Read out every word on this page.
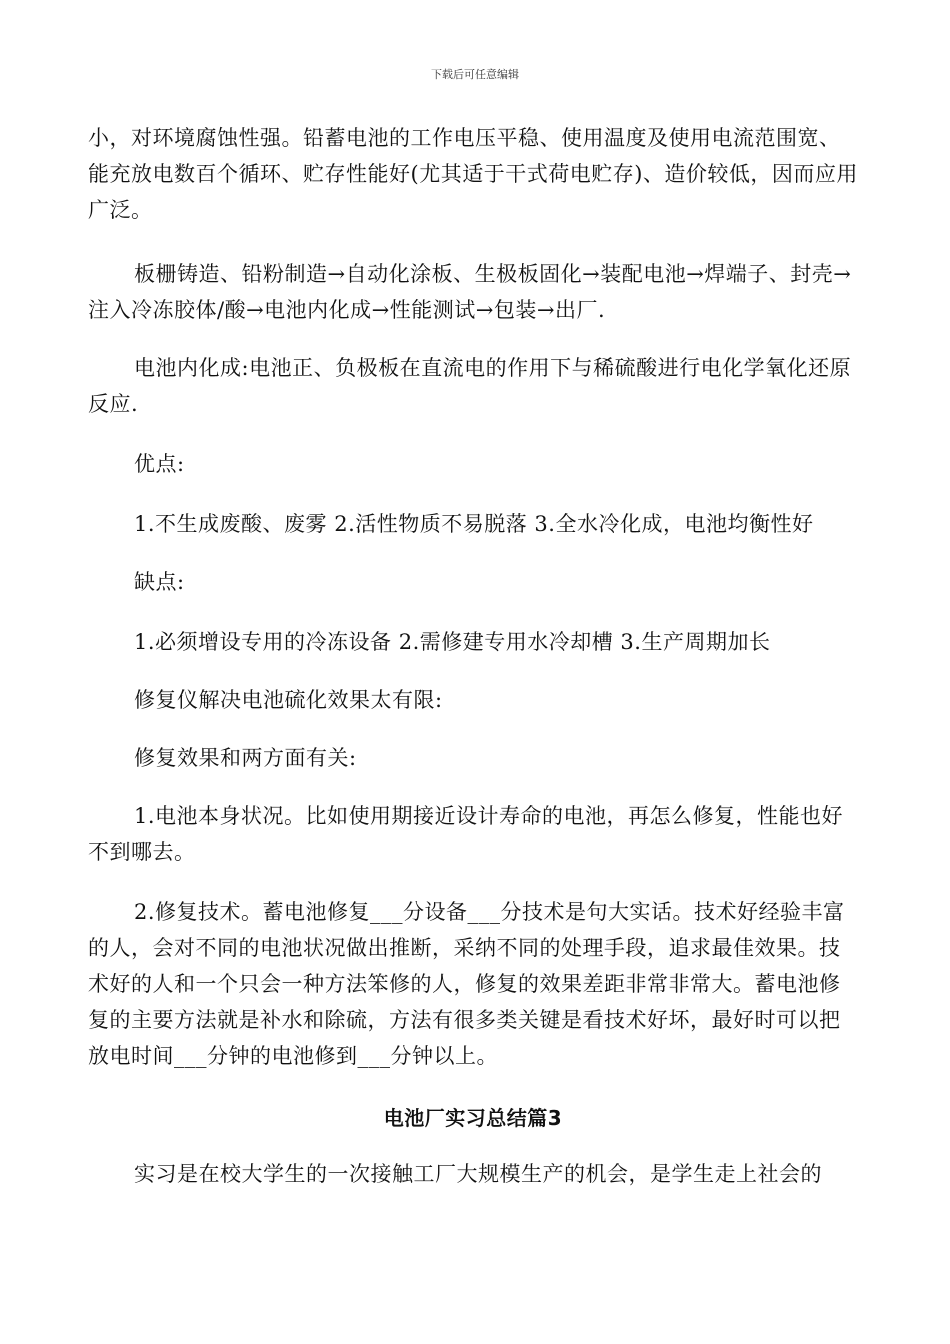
下载后可任意编辑

小，对环境腐蚀性强。铅蓄电池的工作电压平稳、使用温度及使用电流范围宽、能充放电数百个循环、贮存性能好(尤其适于干式荷电贮存)、造价较低，因而应用广泛。

板栅铸造、铅粉制造→自动化涂板、生极板固化→装配电池→焊端子、封壳→注入冷冻胶体/酸→电池内化成→性能测试→包装→出厂.

电池内化成:电池正、负极板在直流电的作用下与稀硫酸进行电化学氧化还原反应.

优点:

1.不生成废酸、废雾 2.活性物质不易脱落 3.全水冷化成，电池均衡性好

缺点:

1.必须增设专用的冷冻设备 2.需修建专用水冷却槽 3.生产周期加长

修复仪解决电池硫化效果太有限:

修复效果和两方面有关:

1.电池本身状况。比如使用期接近设计寿命的电池，再怎么修复，性能也好不到哪去。

2.修复技术。蓄电池修复___分设备___分技术是句大实话。技术好经验丰富的人，会对不同的电池状况做出推断，采纳不同的处理手段，追求最佳效果。技术好的人和一个只会一种方法笨修的人，修复的效果差距非常非常大。蓄电池修复的主要方法就是补水和除硫，方法有很多类关键是看技术好坏，最好时可以把放电时间___分钟的电池修到___分钟以上。

电池厂实习总结篇3

实习是在校大学生的一次接触工厂大规模生产的机会，是学生走上社会的
